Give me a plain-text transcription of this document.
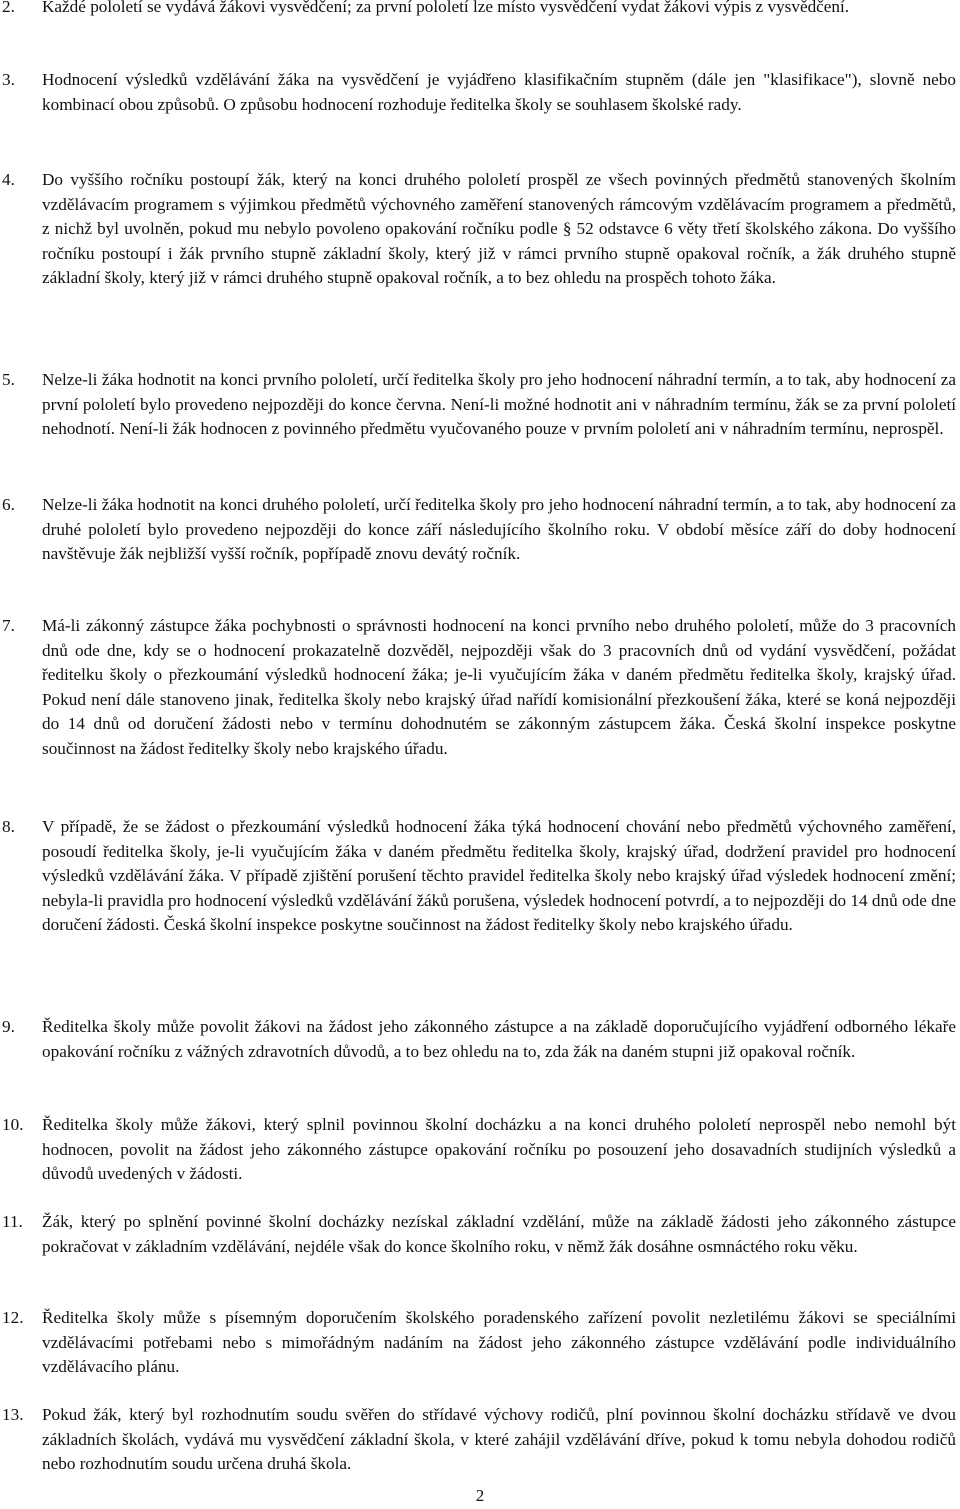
2.	Každé pololetí se vydává žákovi vysvědčení; za první pololetí lze místo vysvědčení vydat žákovi výpis z vysvědčení.
3.	Hodnocení výsledků vzdělávání žáka na vysvědčení je vyjádřeno klasifikačním stupněm (dále jen "klasifikace"), slovně nebo kombinací obou způsobů. O způsobu hodnocení rozhoduje ředitelka školy se souhlasem školské rady.
4.	Do vyššího ročníku postoupí žák, který na konci druhého pololetí prospěl ze všech povinných předmětů stanovených školním vzdělávacím programem s výjimkou předmětů výchovného zaměření stanovených rámcovým vzdělávacím programem a předmětů, z nichž byl uvolněn, pokud mu nebylo povoleno opakování ročníku podle § 52 odstavce 6 věty třetí školského zákona. Do vyššího ročníku postoupí i žák prvního stupně základní školy, který již v rámci prvního stupně opakoval ročník, a žák druhého stupně základní školy, který již v rámci druhého stupně opakoval ročník, a to bez ohledu na prospěch tohoto žáka.
5.	Nelze-li žáka hodnotit na konci prvního pololetí, určí ředitelka školy pro jeho hodnocení náhradní termín, a to tak, aby hodnocení za první pololetí bylo provedeno nejpozději do konce června. Není-li možné hodnotit ani v náhradním termínu, žák se za první pololetí nehodnotí. Není-li žák hodnocen z povinného předmětu vyučovaného pouze v prvním pololetí ani v náhradním termínu, neprospěl.
6.	Nelze-li žáka hodnotit na konci druhého pololetí, určí ředitelka školy pro jeho hodnocení náhradní termín, a to tak, aby hodnocení za druhé pololetí bylo provedeno nejpozději do konce září následujícího školního roku. V období měsíce září do doby hodnocení navštěvuje žák nejbližší vyšší ročník, popřípadě znovu devátý ročník.
7.	Má-li zákonný zástupce žáka pochybnosti o správnosti hodnocení na konci prvního nebo druhého pololetí, může do 3 pracovních dnů ode dne, kdy se o hodnocení prokazatelně dozvěděl, nejpozději však do 3 pracovních dnů od vydání vysvědčení, požádat ředitelku školy o přezkoumání výsledků hodnocení žáka; je-li vyučujícím žáka v daném předmětu ředitelka školy, krajský úřad. Pokud není dále stanoveno jinak, ředitelka školy nebo krajský úřad nařídí komisionální přezkoušení žáka, které se koná nejpozději do 14 dnů od doručení žádosti nebo v termínu dohodnutém se zákonným zástupcem žáka. Česká školní inspekce poskytne součinnost na žádost ředitelky školy nebo krajského úřadu.
8.	V případě, že se žádost o přezkoumání výsledků hodnocení žáka týká hodnocení chování nebo předmětů výchovného zaměření, posoudí ředitelka školy, je-li vyučujícím žáka v daném předmětu ředitelka školy, krajský úřad, dodržení pravidel pro hodnocení výsledků vzdělávání žáka. V případě zjištění porušení těchto pravidel ředitelka školy nebo krajský úřad výsledek hodnocení změní; nebyla-li pravidla pro hodnocení výsledků vzdělávání žáků porušena, výsledek hodnocení potvrdí, a to nejpozději do 14 dnů ode dne doručení žádosti. Česká školní inspekce poskytne součinnost na žádost ředitelky školy nebo krajského úřadu.
9.	Ředitelka školy může povolit žákovi na žádost jeho zákonného zástupce a na základě doporučujícího vyjádření odborného lékaře opakování ročníku z vážných zdravotních důvodů, a to bez ohledu na to, zda žák na daném stupni již opakoval ročník.
10.	Ředitelka školy může žákovi, který splnil povinnou školní docházku a na konci druhého pololetí neprospěl nebo nemohl být hodnocen, povolit na žádost jeho zákonného zástupce opakování ročníku po posouzení jeho dosavadních studijních výsledků a důvodů uvedených v žádosti.
11.	Žák, který po splnění povinné školní docházky nezískal základní vzdělání, může na základě žádosti jeho zákonného zástupce pokračovat v základním vzdělávání, nejdéle však do konce školního roku, v němž žák dosáhne osmnáctého roku věku.
12.	Ředitelka školy může s písemným doporučením školského poradenského zařízení povolit nezletilému žákovi se speciálními vzdělávacími potřebami nebo s mimořádným nadáním na žádost jeho zákonného zástupce vzdělávání podle individuálního vzdělávacího plánu.
13.	Pokud žák, který byl rozhodnutím soudu svěřen do střídavé výchovy rodičů, plní povinnou školní docházku střídavě ve dvou základních školách, vydává mu vysvědčení základní škola, v které zahájil vzdělávání dříve, pokud k tomu nebyla dohodou rodičů nebo rozhodnutím soudu určena druhá škola.
2
